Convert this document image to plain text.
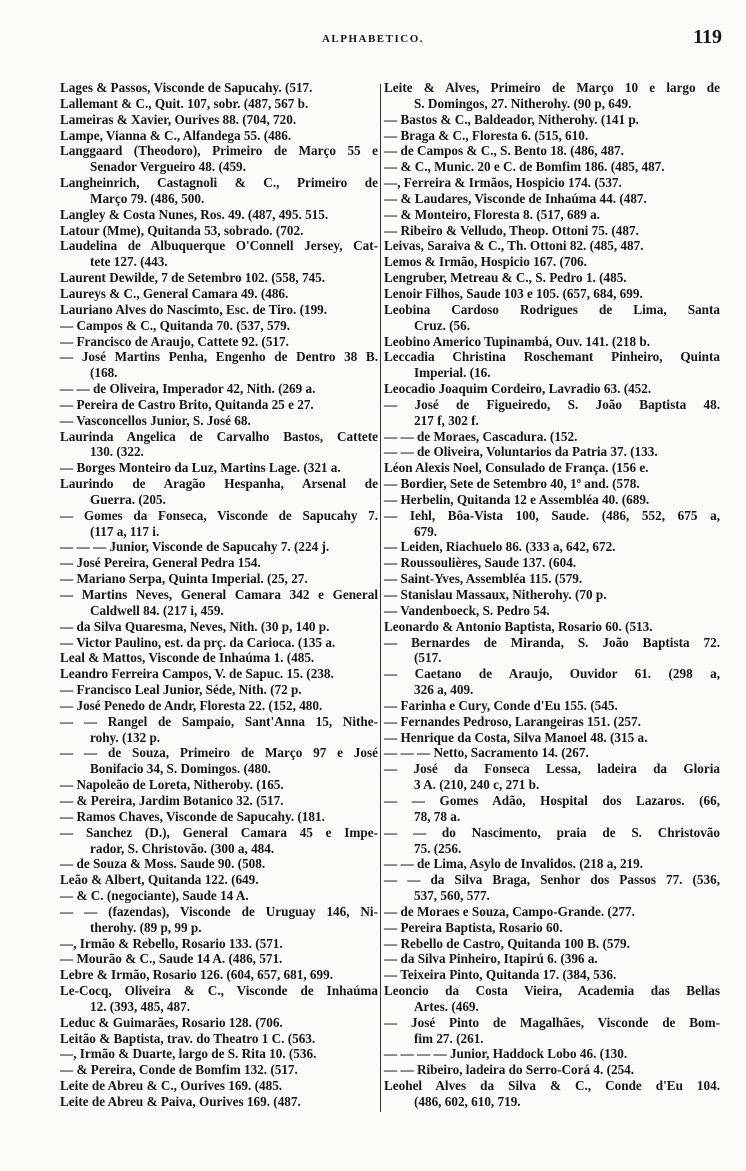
ALPHABETICO.	119
Lages & Passos, Visconde de Sapucahy. (517.
Lallemant & C., Quit. 107, sobr. (487, 567 b.
Lameiras & Xavier, Ourives 88. (704, 720.
Lampe, Vianna & C., Alfandega 55. (486.
Langgaard (Theodoro), Primeiro de Março 55 e
Senador Vergueiro 48. (459.
Langheinrich, Castagnoli & C., Primeiro de
Março 79. (486, 500.
Langley & Costa Nunes, Ros. 49. (487, 495. 515.
Latour (Mme), Quitanda 53, sobrado. (702.
Laudelina de Albuquerque O'Connell Jersey, Cat-
tete 127. (443.
Laurent Dewilde, 7 de Setembro 102. (558, 745.
Laureys & C., General Camara 49. (486.
Lauriano Alves do Nascimto, Esc. de Tiro. (199.
— Campos & C., Quitanda 70. (537, 579.
— Francisco de Araujo, Cattete 92. (517.
— José Martins Penha, Engenho de Dentro 38 B.
(168.
— — de Oliveira, Imperador 42, Nith. (269 a.
— Pereira de Castro Brito, Quitanda 25 e 27.
— Vasconcellos Junior, S. José 68.
Laurinda Angelica de Carvalho Bastos, Cattete
130. (322.
— Borges Monteiro da Luz, Martins Lage. (321 a.
Laurindo de Aragão Hespanha, Arsenal de
Guerra. (205.
— Gomes da Fonseca, Visconde de Sapucahy 7.
(117 a, 117 i.
— — — Junior, Visconde de Sapucahy 7. (224 j.
— José Pereira, General Pedra 154.
— Mariano Serpa, Quinta Imperial. (25, 27.
— Martins Neves, General Camara 342 e General
Caldwell 84. (217 i, 459.
— da Silva Quaresma, Neves, Nith. (30 p, 140 p.
— Victor Paulino, est. da prç. da Carioca. (135 a.
Leal & Mattos, Visconde de Inhaúma 1. (485.
Leandro Ferreira Campos, V. de Sapuc. 15. (238.
— Francisco Leal Junior, Séde, Nith. (72 p.
— José Penedo de Andr, Floresta 22. (152, 480.
— — Rangel de Sampaio, Sant'Anna 15, Nithe-
rohy. (132 p.
— — de Souza, Primeiro de Março 97 e José
Bonifacio 34, S. Domingos. (480.
— Napoleão de Loreta, Nitheroby. (165.
— & Pereira, Jardim Botanico 32. (517.
— Ramos Chaves, Visconde de Sapucahy. (181.
— Sanchez (D.), General Camara 45 e Impe-
rador, S. Christovão. (300 a, 484.
— de Souza & Moss. Saude 90. (508.
Leão & Albert, Quitanda 122. (649.
— & C. (negociante), Saude 14 A.
— — (fazendas), Visconde de Uruguay 146, Ni-
therohy. (89 p, 99 p.
—, Irmão & Rebello, Rosario 133. (571.
— Mourão & C., Saude 14 A. (486, 571.
Lebre & Irmão, Rosario 126. (604, 657, 681, 699.
Le-Cocq, Oliveira & C., Visconde de Inhaúma
12. (393, 485, 487.
Leduc & Guimarães, Rosario 128. (706.
Leitão & Baptista, trav. do Theatro 1 C. (563.
—, Irmão & Duarte, largo de S. Rita 10. (536.
— & Pereira, Conde de Bomfim 132. (517.
Leite de Abreu & C., Ourives 169. (485.
Leite de Abreu & Paiva, Ourives 169. (487.
Leite & Alves, Primeiro de Março 10 e largo de
S. Domingos, 27. Nitherohy. (90 p, 649.
— Bastos & C., Baldeador, Nitherohy. (141 p.
— Braga & C., Floresta 6. (515, 610.
— de Campos & C., S. Bento 18. (486, 487.
— & C., Munic. 20 e C. de Bomfim 186. (485, 487.
—, Ferreira & Irmãos, Hospicio 174. (537.
— & Laudares, Visconde de Inhaúma 44. (487.
— & Monteiro, Floresta 8. (517, 689 a.
— Ribeiro & Velludo, Theop. Ottoni 75. (487.
Leivas, Saraiva & C., Th. Ottoni 82. (485, 487.
Lemos & Irmão, Hospicio 167. (706.
Lengruber, Metreau & C., S. Pedro 1. (485.
Lenoir Filhos, Saude 103 e 105. (657, 684, 699.
Leobina Cardoso Rodrigues de Lima, Santa
Cruz. (56.
Leobino Americo Tupinambá, Ouv. 141. (218 b.
Leccadia Christina Roschemant Pinheiro, Quinta
Imperial. (16.
Leocadio Joaquim Cordeiro, Lavradio 63. (452.
— José de Figueiredo, S. João Baptista 48.
217 f, 302 f.
— — de Moraes, Cascadura. (152.
— — de Oliveira, Voluntarios da Patria 37. (133.
Léon Alexis Noel, Consulado de França. (156 e.
— Bordier, Sete de Setembro 40, 1º and. (578.
— Herbelin, Quitanda 12 e Assembléa 40. (689.
— Iehl, Bôa-Vista 100, Saude. (486, 552, 675 a,
679.
— Leiden, Riachuelo 86. (333 a, 642, 672.
— Roussoulières, Saude 137. (604.
— Saint-Yves, Assembléa 115. (579.
— Stanislau Massaux, Nitherohy. (70 p.
— Vandenboeck, S. Pedro 54.
Leonardo & Antonio Baptista, Rosario 60. (513.
— Bernardes de Miranda, S. João Baptista 72.
(517.
— Caetano de Araujo, Ouvidor 61. (298 a,
326 a, 409.
— Farinha e Cury, Conde d'Eu 155. (545.
— Fernandes Pedroso, Larangeiras 151. (257.
— Henrique da Costa, Silva Manoel 48. (315 a.
— — — Netto, Sacramento 14. (267.
— José da Fonseca Lessa, ladeira da Gloria
3 A. (210, 240 c, 271 b.
— — Gomes Adão, Hospital dos Lazaros. (66,
78, 78 a.
— — do Nascimento, praia de S. Christovão
75. (256.
— — de Lima, Asylo de Invalidos. (218 a, 219.
— — da Silva Braga, Senhor dos Passos 77. (536,
537, 560, 577.
— de Moraes e Souza, Campo-Grande. (277.
— Pereira Baptista, Rosario 60.
— Rebello de Castro, Quitanda 100 B. (579.
— da Silva Pinheiro, Itapirú 6. (396 a.
— Teixeira Pinto, Quitanda 17. (384, 536.
Leoncio da Costa Vieira, Academia das Bellas
Artes. (469.
— José Pinto de Magalhães, Visconde de Bom-
fim 27. (261.
— — — — Junior, Haddock Lobo 46. (130.
— — Ribeiro, ladeira do Serro-Corá 4. (254.
Leohel Alves da Silva & C., Conde d'Eu 104.
(486, 602, 610, 719.
